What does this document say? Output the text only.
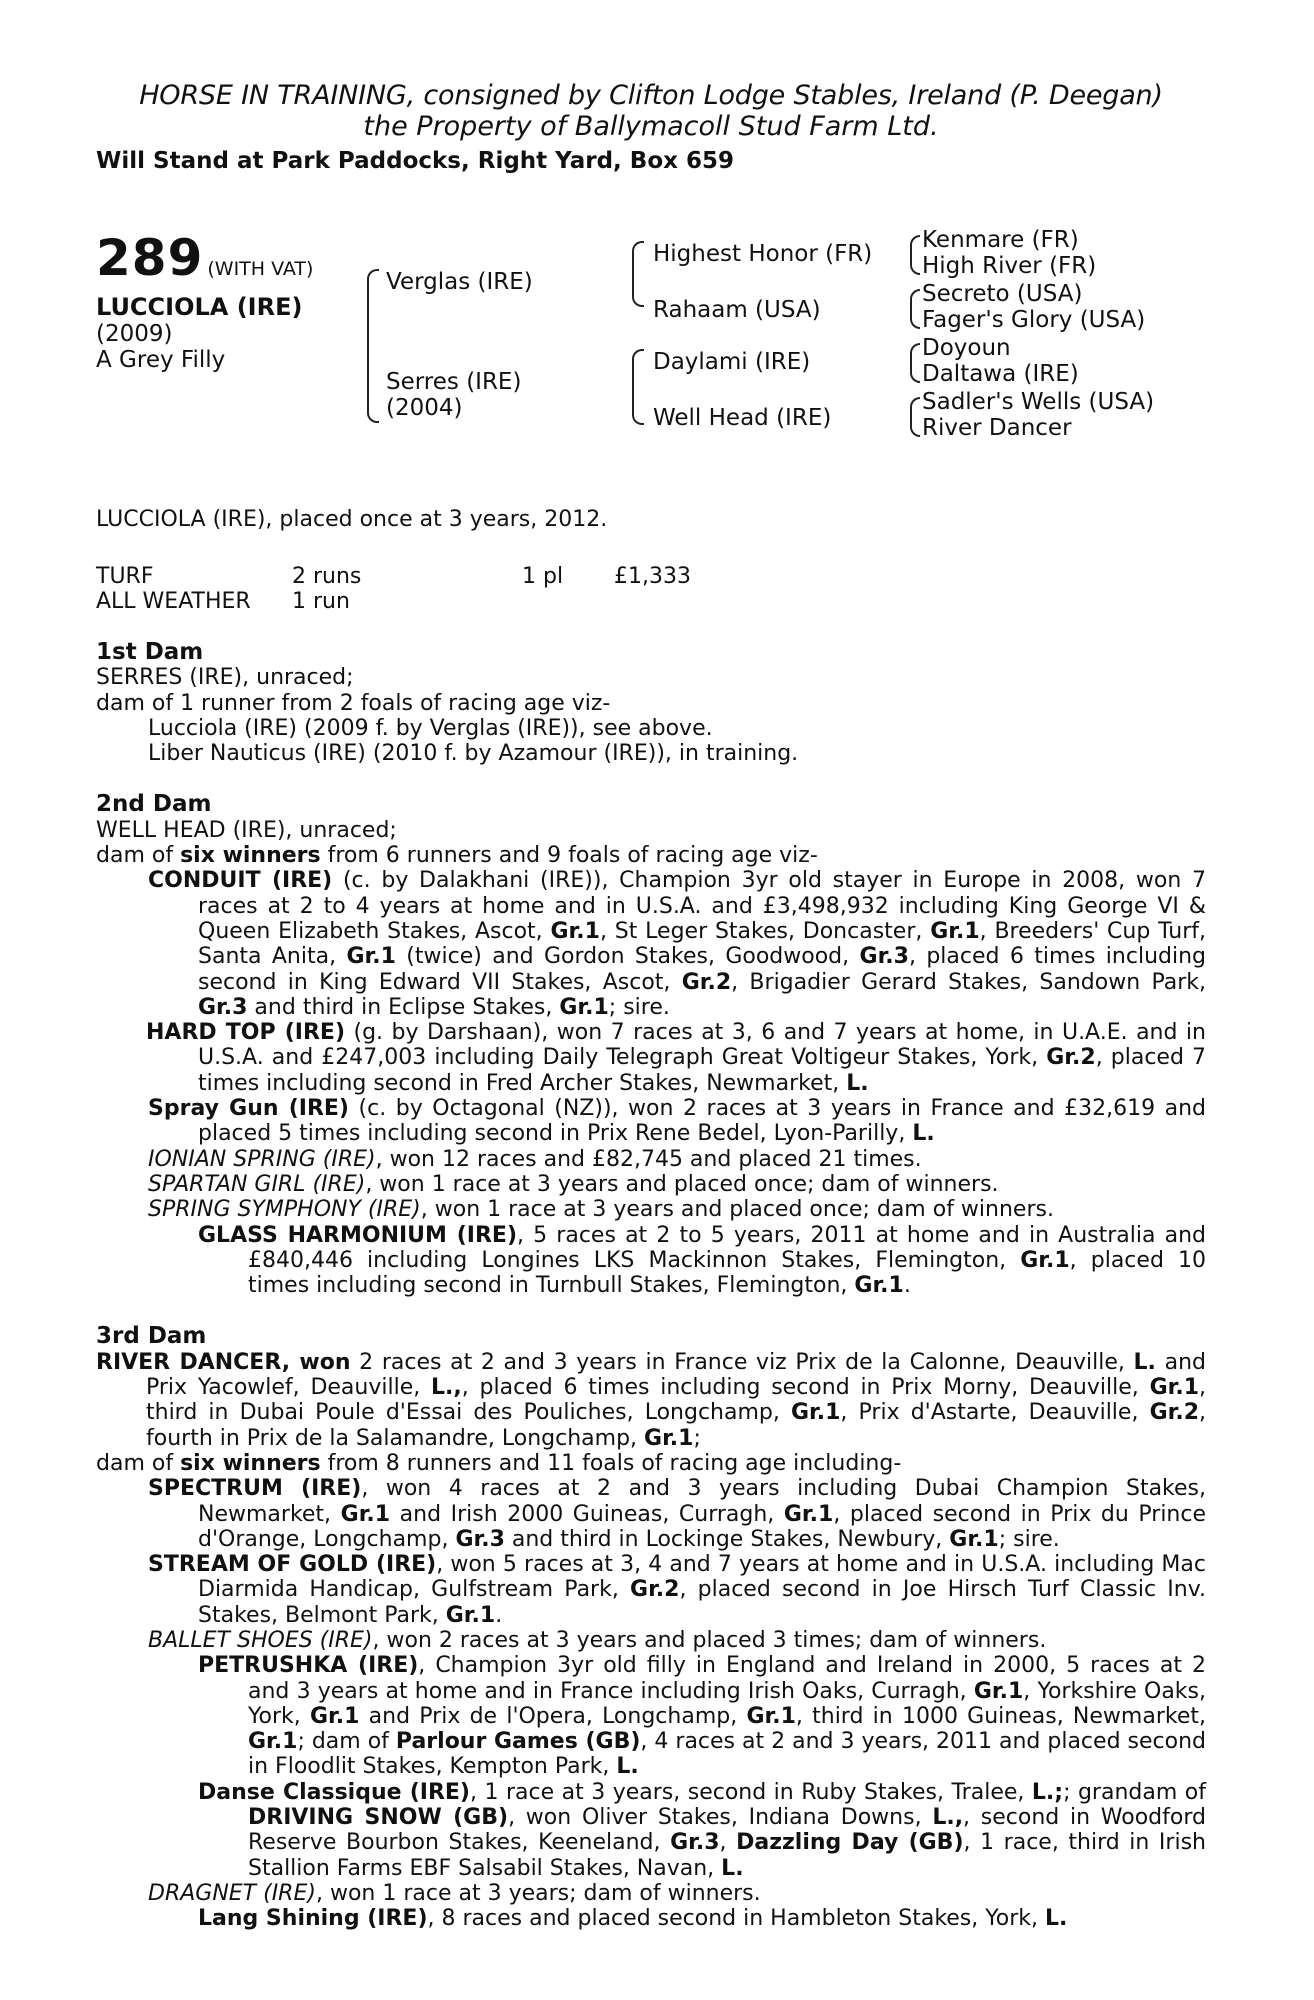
HORSE IN TRAINING, consigned by Clifton Lodge Stables, Ireland (P. Deegan)

the Property of Ballymacoll Stud Farm Ltd.

Will Stand at Park Paddocks, Right Yard, Box 659

289 (WITH VAT)
LUCCIOLA (IRE)
(2009)
A Grey Filly
Verglas (IRE)
Serres (IRE)
(2004)
Highest Honor (FR)
Rahaam (USA)
Daylami (IRE)
Well Head (IRE)
Kenmare (FR)
High River (FR)
Secreto (USA)
Fager's Glory (USA)
Doyoun
Daltawa (IRE)
Sadler's Wells (USA)
River Dancer
LUCCIOLA (IRE), placed once at 3 years, 2012.
TURF	2 runs	1 pl £1,333
ALL WEATHER 1 run
1st Dam
SERRES (IRE), unraced;
dam of 1 runner from 2 foals of racing age viz-
Lucciola (IRE) (2009 f. by Verglas (IRE)), see above.
Liber Nauticus (IRE) (2010 f. by Azamour (IRE)), in training.
2nd Dam
WELL HEAD (IRE), unraced;
dam of six winners from 6 runners and 9 foals of racing age viz-
CONDUIT (IRE) (c. by Dalakhani (IRE)), Champion 3yr old stayer in Europe in 2008, won 7 races at 2 to 4 years at home and in U.S.A. and £3,498,932 including King George VI & Queen Elizabeth Stakes, Ascot, Gr.1, St Leger Stakes, Doncaster, Gr.1, Breeders' Cup Turf, Santa Anita, Gr.1 (twice) and Gordon Stakes, Goodwood, Gr.3, placed 6 times including second in King Edward VII Stakes, Ascot, Gr.2, Brigadier Gerard Stakes, Sandown Park, Gr.3 and third in Eclipse Stakes, Gr.1; sire.
HARD TOP (IRE) (g. by Darshaan), won 7 races at 3, 6 and 7 years at home, in U.A.E. and in U.S.A. and £247,003 including Daily Telegraph Great Voltigeur Stakes, York, Gr.2, placed 7 times including second in Fred Archer Stakes, Newmarket, L.
Spray Gun (IRE) (c. by Octagonal (NZ)), won 2 races at 3 years in France and £32,619 and placed 5 times including second in Prix Rene Bedel, Lyon-Parilly, L.
IONIAN SPRING (IRE), won 12 races and £82,745 and placed 21 times.
SPARTAN GIRL (IRE), won 1 race at 3 years and placed once; dam of winners.
SPRING SYMPHONY (IRE), won 1 race at 3 years and placed once; dam of winners.
GLASS HARMONIUM (IRE), 5 races at 2 to 5 years, 2011 at home and in Australia and £840,446 including Longines LKS Mackinnon Stakes, Flemington, Gr.1, placed 10 times including second in Turnbull Stakes, Flemington, Gr.1.
3rd Dam
RIVER DANCER, won 2 races at 2 and 3 years in France viz Prix de la Calonne, Deauville, L. and Prix Yacowlef, Deauville, L.,, placed 6 times including second in Prix Morny, Deauville, Gr.1, third in Dubai Poule d'Essai des Pouliches, Longchamp, Gr.1, Prix d'Astarte, Deauville, Gr.2, fourth in Prix de la Salamandre, Longchamp, Gr.1;
dam of six winners from 8 runners and 11 foals of racing age including-
SPECTRUM (IRE), won 4 races at 2 and 3 years including Dubai Champion Stakes, Newmarket, Gr.1 and Irish 2000 Guineas, Curragh, Gr.1, placed second in Prix du Prince d'Orange, Longchamp, Gr.3 and third in Lockinge Stakes, Newbury, Gr.1; sire.
STREAM OF GOLD (IRE), won 5 races at 3, 4 and 7 years at home and in U.S.A. including Mac Diarmida Handicap, Gulfstream Park, Gr.2, placed second in Joe Hirsch Turf Classic Inv. Stakes, Belmont Park, Gr.1.
BALLET SHOES (IRE), won 2 races at 3 years and placed 3 times; dam of winners.
PETRUSHKA (IRE), Champion 3yr old filly in England and Ireland in 2000, 5 races at 2 and 3 years at home and in France including Irish Oaks, Curragh, Gr.1, Yorkshire Oaks, York, Gr.1 and Prix de l'Opera, Longchamp, Gr.1, third in 1000 Guineas, Newmarket, Gr.1; dam of Parlour Games (GB), 4 races at 2 and 3 years, 2011 and placed second in Floodlit Stakes, Kempton Park, L.
Danse Classique (IRE), 1 race at 3 years, second in Ruby Stakes, Tralee, L.;; grandam of DRIVING SNOW (GB), won Oliver Stakes, Indiana Downs, L.,, second in Woodford Reserve Bourbon Stakes, Keeneland, Gr.3, Dazzling Day (GB), 1 race, third in Irish Stallion Farms EBF Salsabil Stakes, Navan, L.
DRAGNET (IRE), won 1 race at 3 years; dam of winners.
Lang Shining (IRE), 8 races and placed second in Hambleton Stakes, York, L.
